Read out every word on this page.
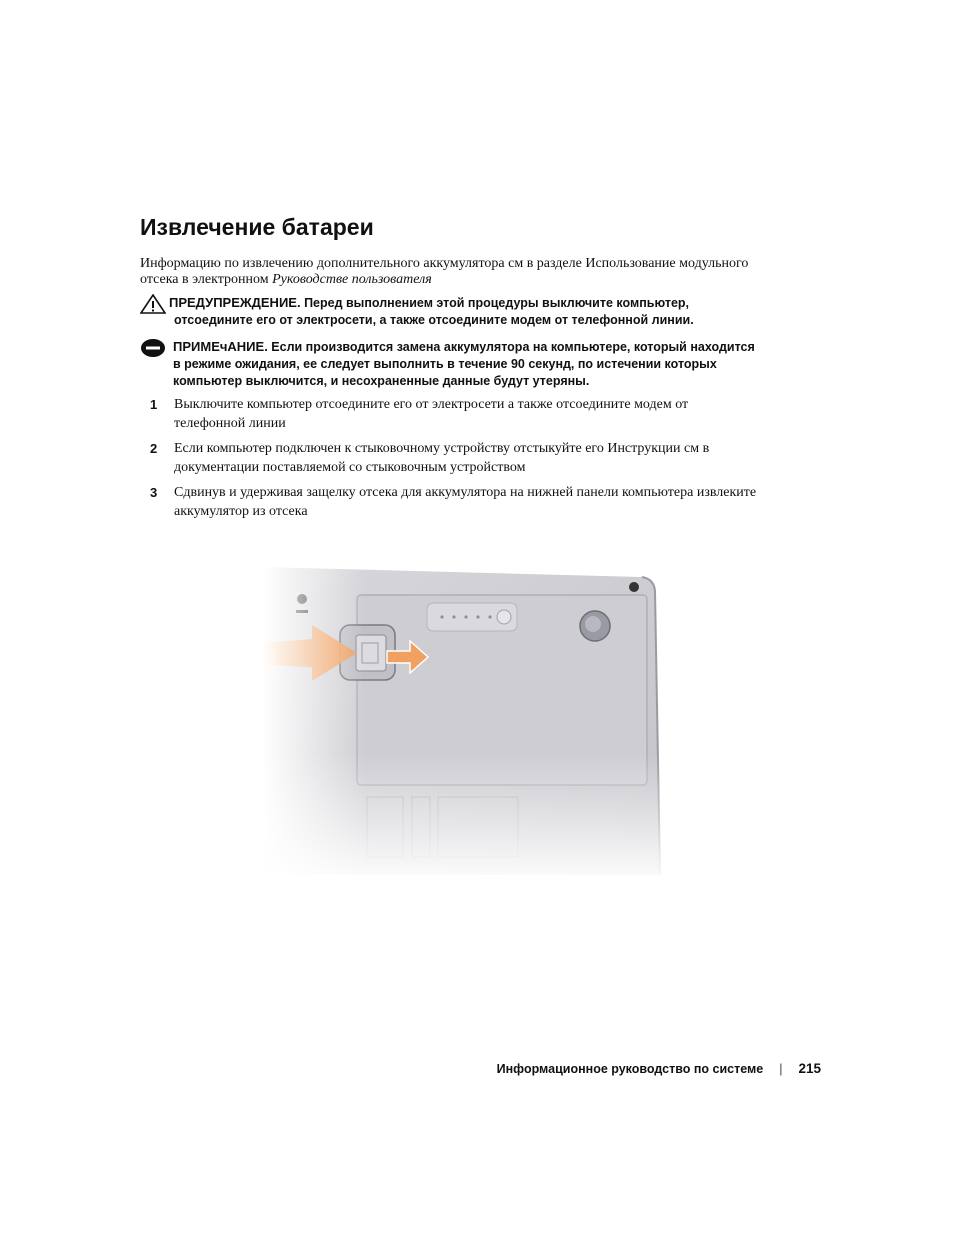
Извлечение батареи

Информацию по извлечению дополнительного аккумулятора см в разделе Использование модульного отсека в электронном Руководстве пользователя

ПРЕДУПРЕЖДЕНИЕ. Перед выполнением этой процедуры выключите компьютер,
отсоедините его от электросети, а также отсоедините модем от телефонной линии.

ПРИМЕчАНИЕ. Если производится замена аккумулятора на компьютере, который находится в режиме ожидания, ее следует выполнить в течение 90 секунд, по истечении которых компьютер выключится, и несохраненные данные будут утеряны.

1 Выключите компьютер отсоедините его от электросети а также отсоедините модем от телефонной линии
2 Если компьютер подключен к стыковочному устройству отстыкуйте его Инструкции см в документации поставляемой со стыковочным устройством
3 Сдвинув и удерживая защелку отсека для аккумулятора на нижней панели компьютера извлеките аккумулятор из отсека
Информационное руководство по системе | 215
